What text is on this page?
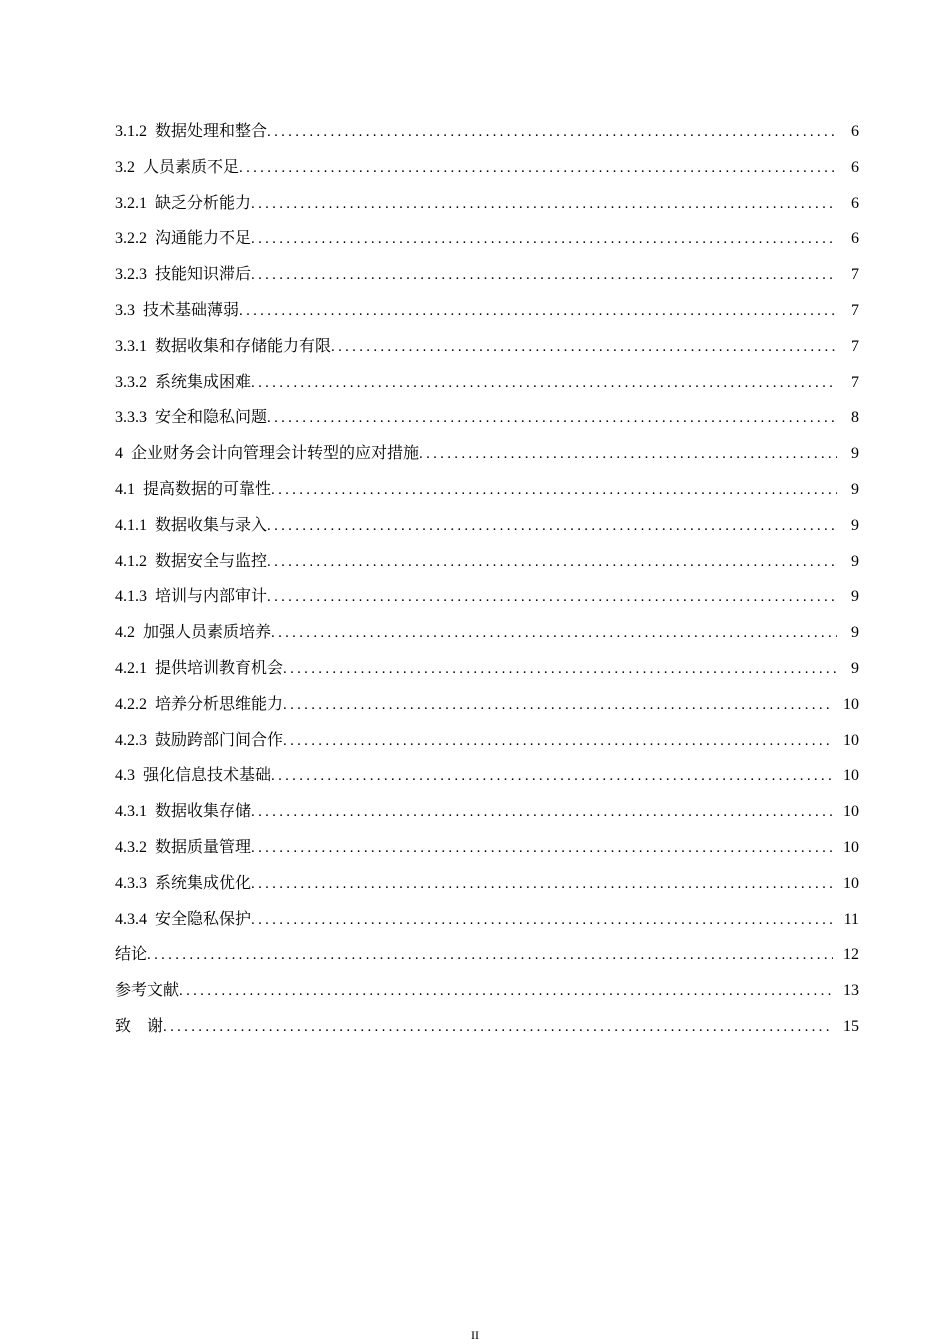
3.1.2 数据处理和整合 .....	6
3.2 人员素质不足 .....	6
3.2.1 缺乏分析能力 .....	6
3.2.2 沟通能力不足 .....	6
3.2.3 技能知识滞后 .....	7
3.3 技术基础薄弱 .....	7
3.3.1 数据收集和存储能力有限 .....	7
3.3.2 系统集成困难 .....	7
3.3.3 安全和隐私问题 .....	8
4 企业财务会计向管理会计转型的应对措施 .....	9
4.1 提高数据的可靠性 .....	9
4.1.1 数据收集与录入 .....	9
4.1.2 数据安全与监控 .....	9
4.1.3 培训与内部审计 .....	9
4.2 加强人员素质培养 .....	9
4.2.1 提供培训教育机会 .....	9
4.2.2 培养分析思维能力 .....	10
4.2.3 鼓励跨部门间合作 .....	10
4.3 强化信息技术基础 .....	10
4.3.1 数据收集存储 .....	10
4.3.2 数据质量管理 .....	10
4.3.3 系统集成优化 .....	10
4.3.4 安全隐私保护 .....	11
结论 .....	12
参考文献 .....	13
致　谢 .....	15
II
